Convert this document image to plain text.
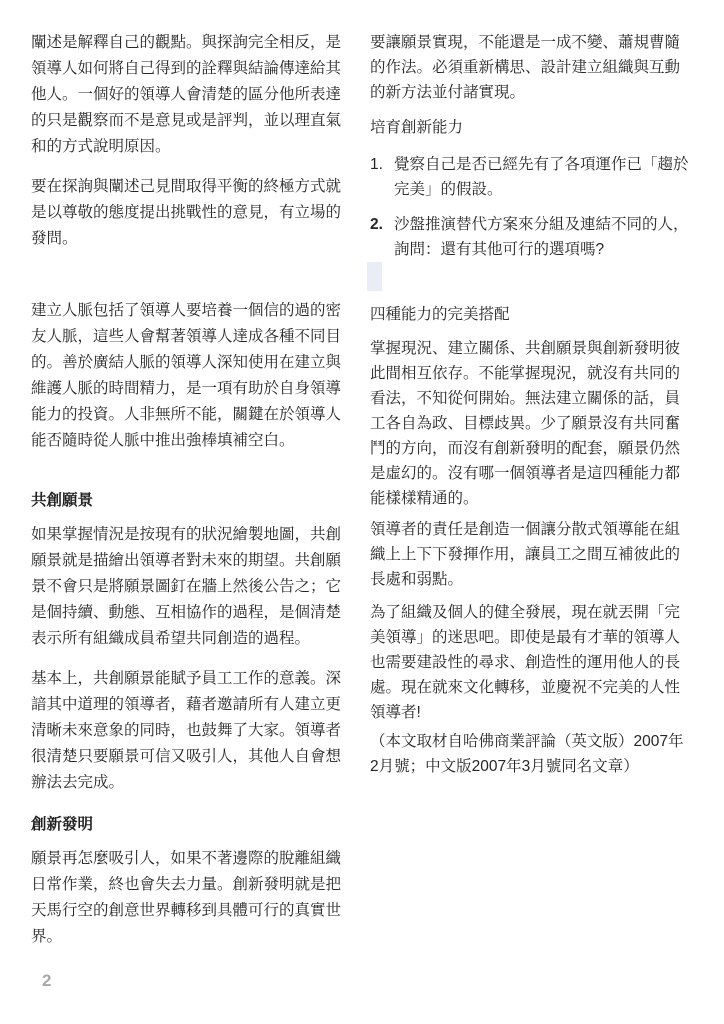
闡述是解釋自己的觀點。與探詢完全相反，是
領導人如何將自己得到的詮釋與結論傳達給其
他人。一個好的領導人會清楚的區分他所表達
的只是觀察而不是意見或是評判，並以理直氣
和的方式說明原因。
要在探詢與闡述己見間取得平衡的終極方式就
是以尊敬的態度提出挑戰性的意見，有立場的
發問。
建立人脈包括了領導人要培養一個信的過的密
友人脈，這些人會幫著領導人達成各種不同目
的。善於廣結人脈的領導人深知使用在建立與
維護人脈的時間精力，是一項有助於自身領導
能力的投資。人非無所不能，關鍵在於領導人
能否隨時從人脈中推出強棒填補空白。
共創願景
如果掌握情況是按現有的狀況繪製地圖，共創
願景就是描繪出領導者對未來的期望。共創願
景不會只是將願景圖釘在牆上然後公告之；它
是個持續、動態、互相協作的過程，是個清楚
表示所有組織成員希望共同創造的過程。
基本上，共創願景能賦予員工工作的意義。深
諳其中道理的領導者，藉者邀請所有人建立更
清晰未來意象的同時，也鼓舞了大家。領導者
很清楚只要願景可信又吸引人，其他人自會想
辦法去完成。
創新發明
願景再怎麼吸引人，如果不著邊際的脫離組織
日常作業，終也會失去力量。創新發明就是把
天馬行空的創意世界轉移到具體可行的真實世
界。
要讓願景實現，不能還是一成不變、蕭規曹隨
的作法。必須重新構思、設計建立組織與互動
的新方法並付諸實現。
培育創新能力
1. 覺察自己是否已經先有了各項運作已「趨於
完美」的假設。
2. 沙盤推演替代方案來分組及連結不同的人，
詢問：還有其他可行的選項嗎?
四種能力的完美搭配
掌握現況、建立關係、共創願景與創新發明彼
此間相互依存。不能掌握現況，就沒有共同的
看法，不知從何開始。無法建立關係的話，員
工各自為政、目標歧異。少了願景沒有共同奮
鬥的方向，而沒有創新發明的配套，願景仍然
是虛幻的。沒有哪一個領導者是這四種能力都
能樣樣精通的。
領導者的責任是創造一個讓分散式領導能在組
織上上下下發揮作用，讓員工之間互補彼此的
長處和弱點。
為了組織及個人的健全發展，現在就丟開「完
美領導」的迷思吧。即使是最有才華的領導人
也需要建設性的尋求、創造性的運用他人的長
處。現在就來文化轉移，並慶祝不完美的人性
領導者!
（本文取材自哈佛商業評論（英文版）2007年
2月號；中文版2007年3月號同名文章）
2
